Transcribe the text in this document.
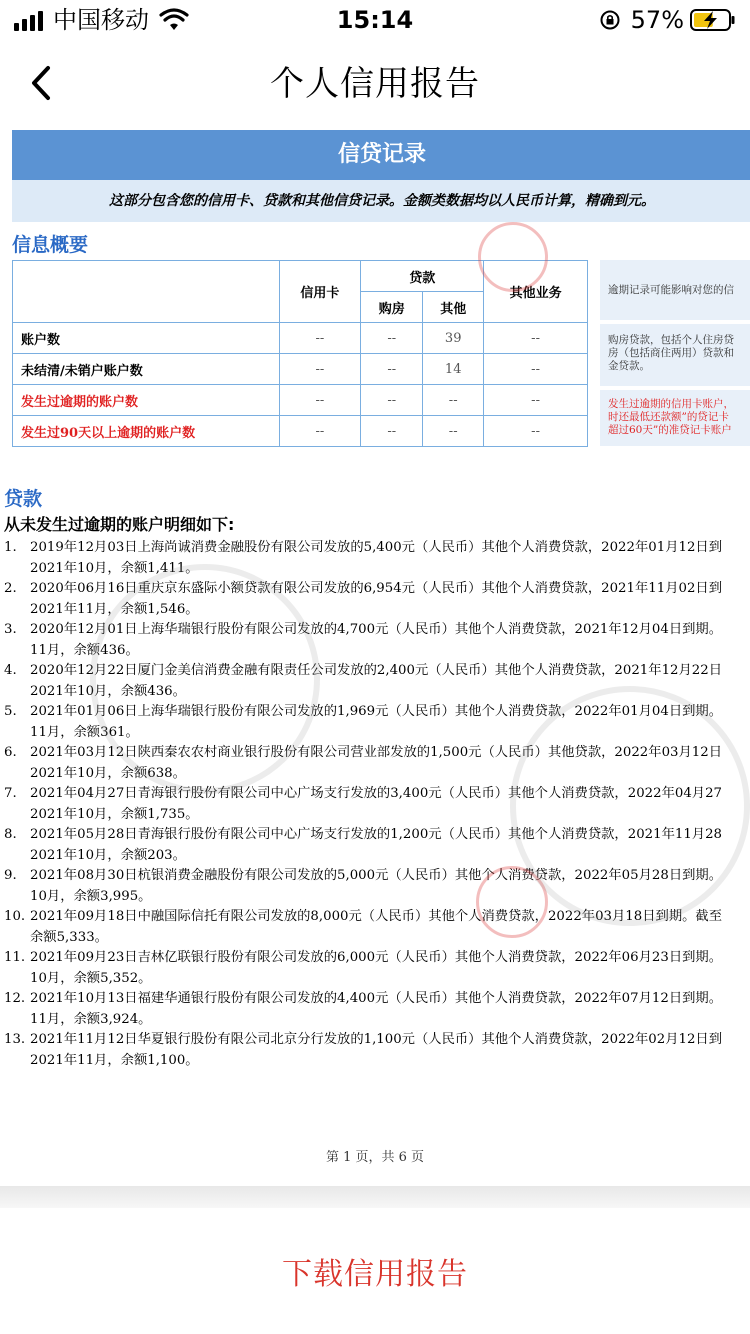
中国移动	15:14	57%
个人信用报告
信贷记录
这部分包含您的信用卡、贷款和其他信贷记录。金额类数据均以人民币计算，精确到元。
信息概要
	信用卡	贷款		其他业务
		购房	其他	
账户数	--	--	39	--
未结清/未销户账户数	--	--	14	--
发生过逾期的账户数	--	--	--	--
发生过90天以上逾期的账户数	--	--	--	--
逾期记录可能影响对您的信
购房贷款，包括个人住房贷
房（包括商住两用）贷款和
金贷款。
发生过逾期的信用卡账户，
时还最低还款额”的贷记卡
超过60天”的准贷记卡账户
贷款
从未发生过逾期的账户明细如下:
1.	2019年12月03日上海尚诚消费金融股份有限公司发放的5,400元（人民币）其他个人消费贷款，2022年01月12日到
2021年10月，余额1,411。
2.	2020年06月16日重庆京东盛际小额贷款有限公司发放的6,954元（人民币）其他个人消费贷款，2021年11月02日到
2021年11月，余额1,546。
3.	2020年12月01日上海华瑞银行股份有限公司发放的4,700元（人民币）其他个人消费贷款，2021年12月04日到期。
11月，余额436。
4.	2020年12月22日厦门金美信消费金融有限责任公司发放的2,400元（人民币）其他个人消费贷款，2021年12月22日
2021年10月，余额436。
5.	2021年01月06日上海华瑞银行股份有限公司发放的1,969元（人民币）其他个人消费贷款，2022年01月04日到期。
11月，余额361。
6.	2021年03月12日陕西秦农农村商业银行股份有限公司营业部发放的1,500元（人民币）其他贷款，2022年03月12日
2021年10月，余额638。
7.	2021年04月27日青海银行股份有限公司中心广场支行发放的3,400元（人民币）其他个人消费贷款，2022年04月27
2021年10月，余额1,735。
8.	2021年05月28日青海银行股份有限公司中心广场支行发放的1,200元（人民币）其他个人消费贷款，2021年11月28
2021年10月，余额203。
9.	2021年08月30日杭银消费金融股份有限公司发放的5,000元（人民币）其他个人消费贷款，2022年05月28日到期。
10月，余额3,995。
10. 2021年09月18日中融国际信托有限公司发放的8,000元（人民币）其他个人消费贷款，2022年03月18日到期。截至
余额5,333。
11. 2021年09月23日吉林亿联银行股份有限公司发放的6,000元（人民币）其他个人消费贷款，2022年06月23日到期。
10月，余额5,352。
12. 2021年10月13日福建华通银行股份有限公司发放的4,400元（人民币）其他个人消费贷款，2022年07月12日到期。
11月，余额3,924。
13. 2021年11月12日华夏银行股份有限公司北京分行发放的1,100元（人民币）其他个人消费贷款，2022年02月12日到
2021年11月，余额1,100。
第 1 页，共 6 页
下载信用报告
